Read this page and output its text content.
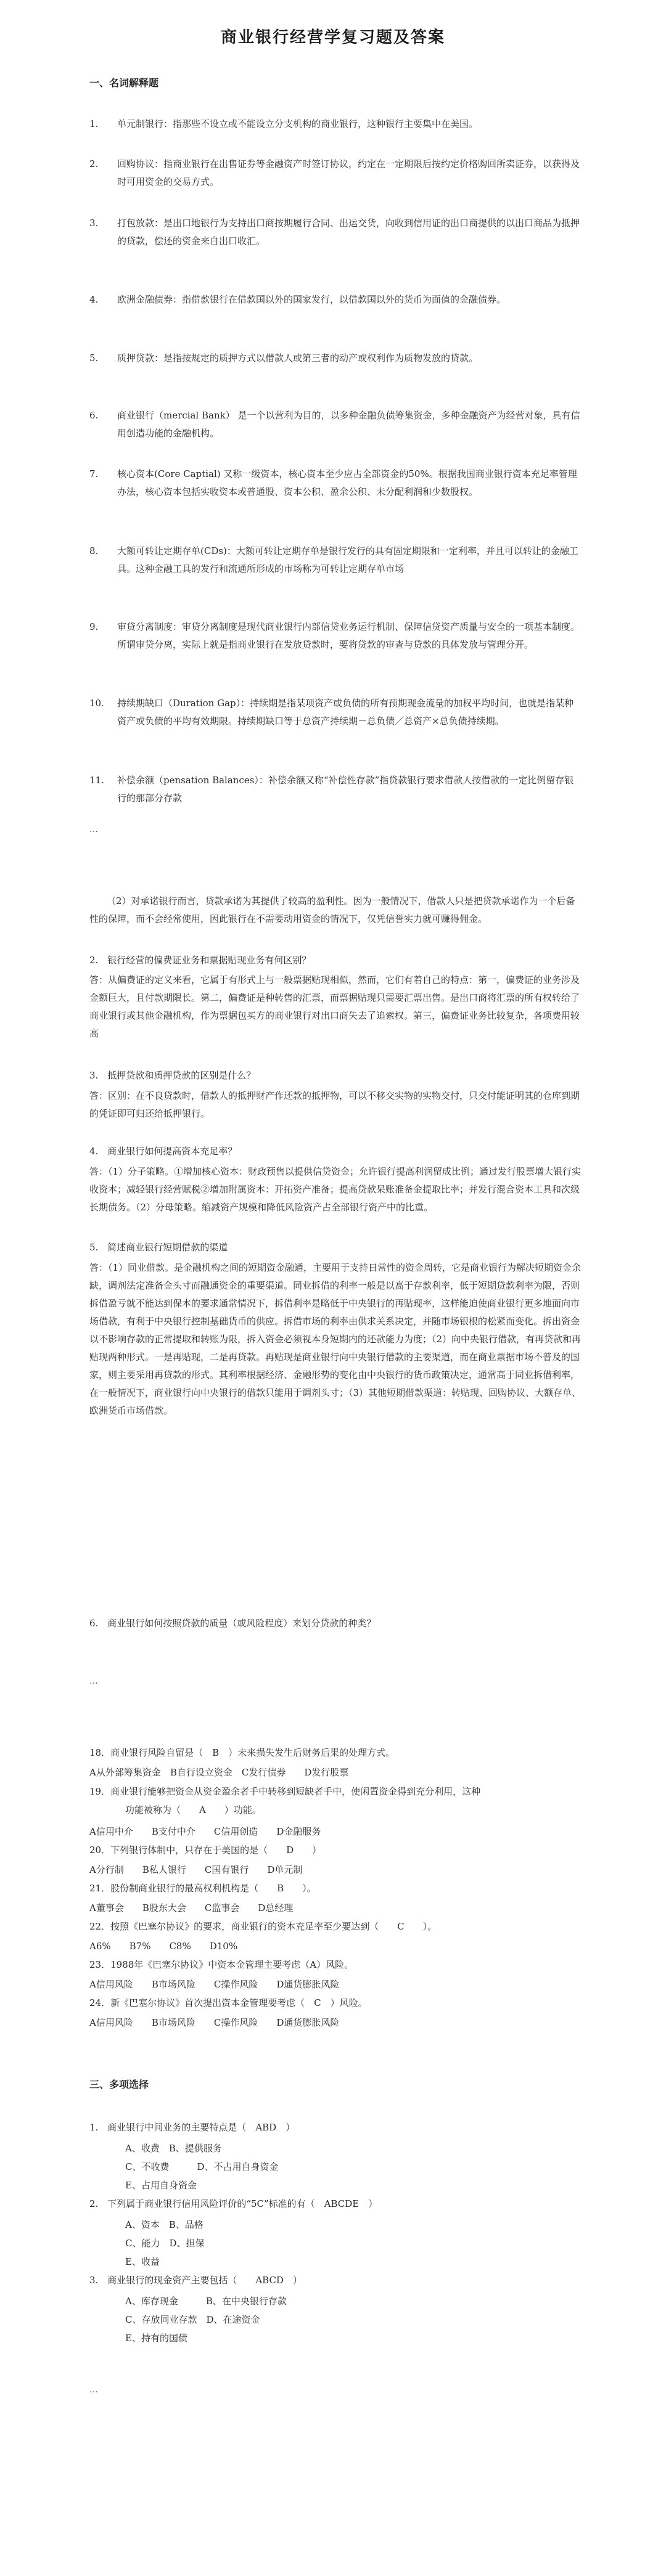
商业银行经营学复习题及答案
一、名词解释题
1.	单元制银行：指那些不设立或不能设立分支机构的商业银行，这种银行主要集中在美国。
2.	回购协议：指商业银行在出售证券等金融资产时签订协议，约定在一定期限后按约定价格购回所卖证券，以获得及时可用资金的交易方式。
3.	打包放款：是出口地银行为支持出口商按期履行合同、出运交货，向收到信用证的出口商提供的以出口商品为抵押的贷款，偿还的资金来自出口收汇。
4.	欧洲金融债券：指借款银行在借款国以外的国家发行，以借款国以外的货币为面值的金融债券。
5.	质押贷款：是指按规定的质押方式以借款人或第三者的动产或权利作为质物发放的贷款。
6.	商业银行（mercial Bank） 是一个以营利为目的，以多种金融负债筹集资金，多种金融资产为经营对象，具有信用创造功能的金融机构。
7.	核心资本(Core Captial) 又称一级资本，核心资本至少应占全部资金的50%。根据我国商业银行资本充足率管理办法，核心资本包括实收资本或普通股、资本公积、盈余公积、未分配利润和少数股权。
8.	大额可转让定期存单(CDs)：大额可转让定期存单是银行发行的具有固定期限和一定利率，并且可以转让的金融工具。这种金融工具的发行和流通所形成的市场称为可转让定期存单市场
9.	审贷分离制度：审贷分离制度是现代商业银行内部信贷业务运行机制、保障信贷资产质量与安全的一项基本制度。所谓审贷分离，实际上就是指商业银行在发放贷款时，要将贷款的审查与贷款的具体发放与管理分开。
10.	持续期缺口（Duration Gap）：持续期是指某项资产或负债的所有预期现金流量的加权平均时间，也就是指某种资产或负债的平均有效期限。持续期缺口等于总资产持续期－总负债／总资产×总负债持续期。
11.	补偿余额（pensation Balances）：补偿余额又称“补偿性存款”指贷款银行要求借款人按借款的一定比例留存银行的那部分存款
…
（2）对承诺银行而言，贷款承诺为其提供了较高的盈利性。因为一般情况下，借款人只是把贷款承诺作为一个后备性的保障，而不会经常使用，因此银行在不需要动用资金的情况下，仅凭信誉实力就可赚得佣金。
2.　银行经营的偏费证业务和票据贴现业务有何区别？
答：从偏费证的定义来看，它属于有形式上与一般票据贴现相似，然而，它们有着自己的特点：第一，偏费证的业务涉及金额巨大，且付款期限长。第二，偏费证是种转售的汇票，而票据贴现只需要汇票出售。是出口商将汇票的所有权转给了商业银行或其他金融机构，作为票据包买方的商业银行对出口商失去了追索权。第三，偏费证业务比较复杂，各项费用较高
3.　抵押贷款和质押贷款的区别是什么？
答：区别：在不良贷款时，借款人的抵押财产作还款的抵押物，可以不移交实物的实物交付，只交付能证明其的仓库到期的凭证即可归还给抵押银行。
4.　商业银行如何提高资本充足率？
答：（1）分子策略。①增加核心资本：财政预售以提供信贷资金；允许银行提高利润留成比例；通过发行股票增大银行实收资本；减轻银行经营赋税②增加附属资本：开拓资产准备；提高贷款呆账准备金提取比率；并发行混合资本工具和次级长期债务。（2）分母策略。缩减资产规模和降低风险资产占全部银行资产中的比重。
5.　简述商业银行短期借款的渠道
答：（1）同业借款。是金融机构之间的短期资金融通，主要用于支持日常性的资金周转，它是商业银行为解决短期资金余缺，调剂法定准备金头寸而融通资金的重要渠道。同业拆借的利率一般是以高于存款利率，低于短期贷款利率为限，否则拆借盈亏就不能达到保本的要求通常情况下，拆借利率是略低于中央银行的再贴现率，这样能迫使商业银行更多地面向市场借款，有利于中央银行控制基础货币的供应。拆借市场的利率由供求关系决定，并随市场银根的松紧而变化。拆出资金以不影响存款的正常提取和转账为限，拆入资金必须视本身短期内的还款能力为度；（2）向中央银行借款，有再贷款和再贴现两种形式。一是再贴现，二是再贷款。再贴现是商业银行向中央银行借款的主要渠道，而在商业票据市场不普及的国家，则主要采用再贷款的形式。其利率根据经济、金融形势的变化由中央银行的货币政策决定，通常高于同业拆借利率，在一般情况下，商业银行向中央银行的借款只能用于调剂头寸；（3）其他短期借款渠道：转贴现、回购协议、大额存单、欧洲货币市场借款。
6.　商业银行如何按照贷款的质量（或风险程度）来划分贷款的种类？
…
18．商业银行风险自留是（　B　）未来损失发生后财务后果的处理方式。
A从外部筹集资金　B自行设立资金　C发行债券　　D发行股票
19．商业银行能够把资金从资金盈余者手中转移到短缺者手中，使闲置资金得到充分利用，这种
功能被称为（　　A　　）功能。
A信用中介　　B支付中介　　C信用创造　　D金融服务
20．下列银行体制中，只存在于美国的是（　　D　　）
A分行制　　B私人银行　　C国有银行　　D单元制
21．股份制商业银行的最高权利机构是（　　B　　）。
A董事会　　B股东大会　　C监事会　　D总经理
22．按照《巴塞尔协议》的要求，商业银行的资本充足率至少要达到（　　C　　）。
A6%　　B7%　　C8%　　D10%
23．1988年《巴塞尔协议》中资本金管理主要考虑（A）风险。
A信用风险　　B市场风险　　C操作风险　　D通货膨胀风险
24．新《巴塞尔协议》首次提出资本金管理要考虑（　C　）风险。
A信用风险　　B市场风险　　C操作风险　　D通货膨胀风险
三、多项选择
1.　商业银行中间业务的主要特点是（　ABD　）
A、收费　B、提供服务
C、不收费　　　D、不占用自身资金
E、占用自身资金
2.　下列属于商业银行信用风险评价的“5C”标准的有（　ABCDE　）
A、资本　B、品格
C、能力　D、担保
E、收益
3.　商业银行的现金资产主要包括（　　ABCD　）
A、库存现金　　　B、在中央银行存款
C、存放同业存款　D、在途资金
E、持有的国债
…
